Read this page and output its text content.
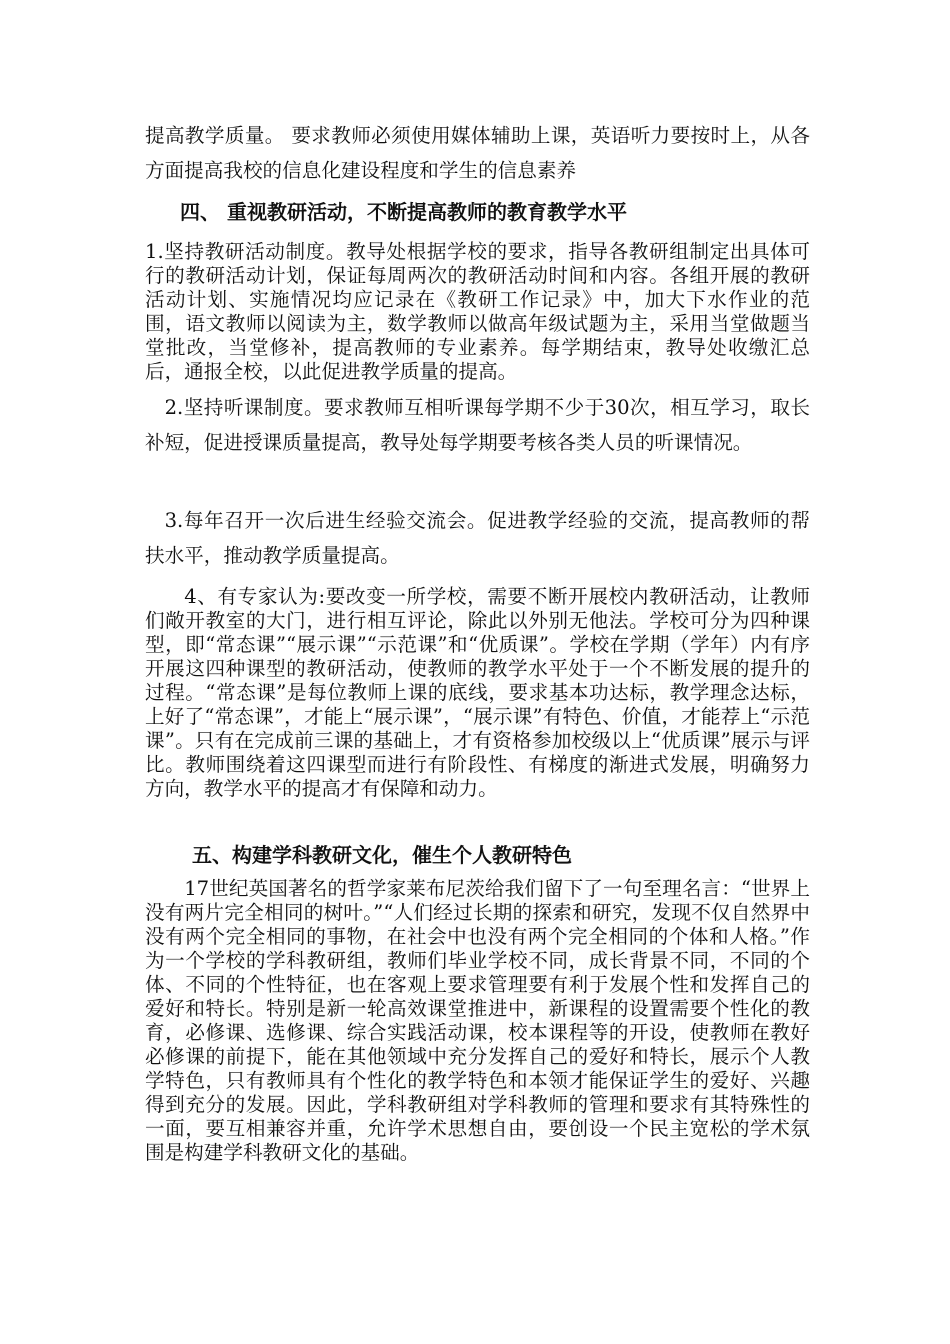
提高教学质量。 要求教师必须使用媒体辅助上课，英语听力要按时上，从各方面提高我校的信息化建设程度和学生的信息素养

四、 重视教研活动，不断提高教师的教育教学水平

1.坚持教研活动制度。教导处根据学校的要求，指导各教研组制定出具体可行的教研活动计划，保证每周两次的教研活动时间和内容。各组开展的教研活动计划、实施情况均应记录在《教研工作记录》中，加大下水作业的范围，语文教师以阅读为主，数学教师以做高年级试题为主，采用当堂做题当堂批改，当堂修补，提高教师的专业素养。每学期结束，教导处收缴汇总后，通报全校，以此促进教学质量的提高。

2.坚持听课制度。要求教师互相听课每学期不少于30次，相互学习，取长补短，促进授课质量提高，教导处每学期要考核各类人员的听课情况。

3.每年召开一次后进生经验交流会。促进教学经验的交流，提高教师的帮扶水平，推动教学质量提高。

4、有专家认为:要改变一所学校，需要不断开展校内教研活动，让教师们敞开教室的大门，进行相互评论，除此以外别无他法。学校可分为四种课型，即“常态课”“展示课”“示范课”和“优质课”。学校在学期（学年）内有序开展这四种课型的教研活动，使教师的教学水平处于一个不断发展的提升的过程。“常态课”是每位教师上课的底线，要求基本功达标，教学理念达标，上好了“常态课”，才能上“展示课”，“展示课”有特色、价值，才能荐上“示范课”。只有在完成前三课的基础上，才有资格参加校级以上“优质课”展示与评比。教师围绕着这四课型而进行有阶段性、有梯度的渐进式发展，明确努力方向，教学水平的提高才有保障和动力。

五、构建学科教研文化，催生个人教研特色

17世纪英国著名的哲学家莱布尼茨给我们留下了一句至理名言：“世界上没有两片完全相同的树叶。”“人们经过长期的探索和研究，发现不仅自然界中没有两个完全相同的事物，在社会中也没有两个完全相同的个体和人格。”作为一个学校的学科教研组，教师们毕业学校不同，成长背景不同，不同的个体、不同的个性特征，也在客观上要求管理要有利于发展个性和发挥自己的爱好和特长。特别是新一轮高效课堂推进中，新课程的设置需要个性化的教育，必修课、选修课、综合实践活动课，校本课程等的开设，使教师在教好必修课的前提下，能在其他领域中充分发挥自己的爱好和特长，展示个人教学特色，只有教师具有个性化的教学特色和本领才能保证学生的爱好、兴趣得到充分的发展。因此，学科教研组对学科教师的管理和要求有其特殊性的一面，要互相兼容并重，允许学术思想自由，要创设一个民主宽松的学术氛围是构建学科教研文化的基础。
